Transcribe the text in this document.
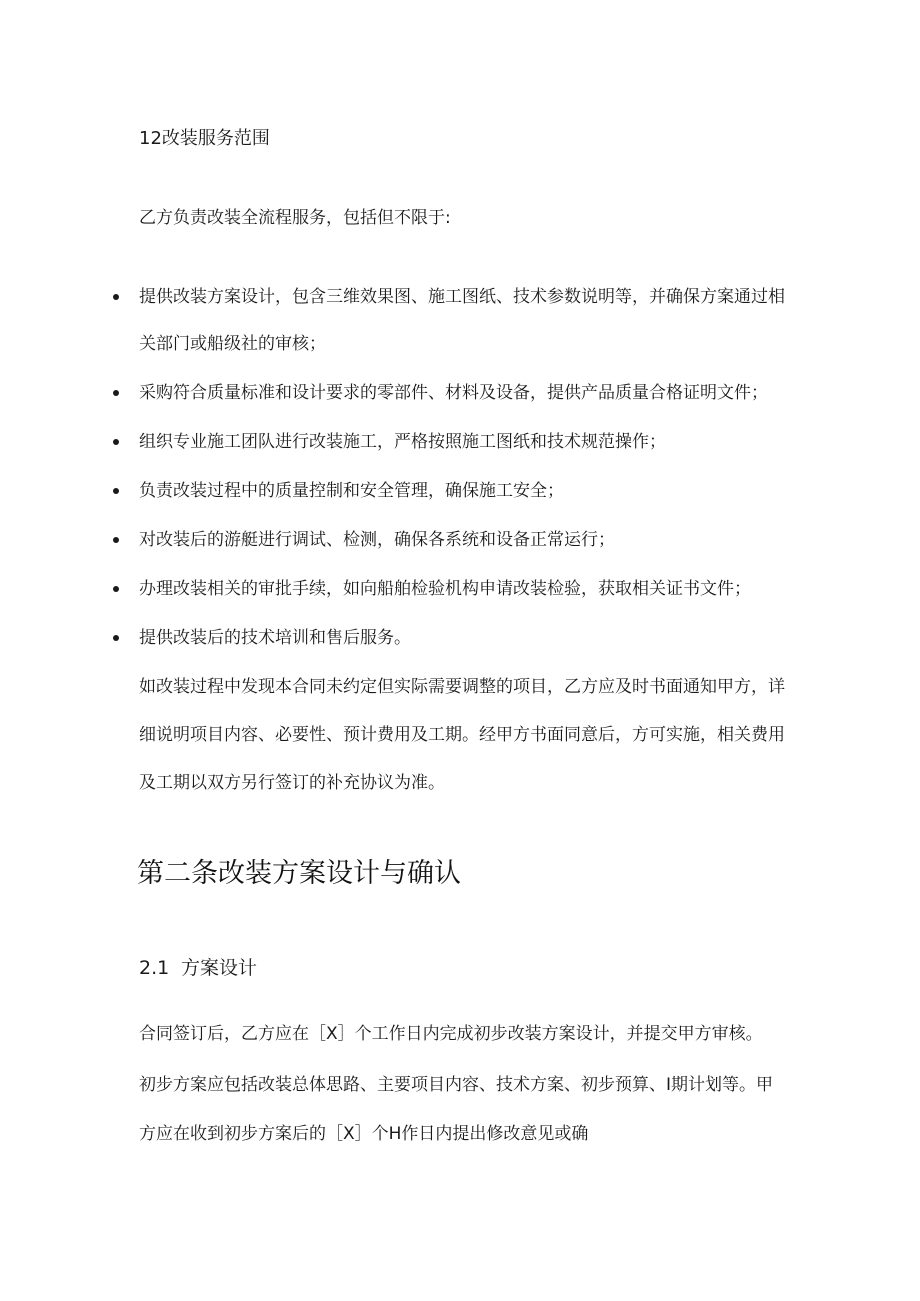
12改装服务范围
乙方负责改装全流程服务，包括但不限于:
提供改装方案设计，包含三维效果图、施工图纸、技术参数说明等，并确保方案通过相
关部门或船级社的审核；
采购符合质量标准和设计要求的零部件、材料及设备，提供产品质量合格证明文件；
组织专业施工团队进行改装施工，严格按照施工图纸和技术规范操作；
负责改装过程中的质量控制和安全管理，确保施工安全；
对改装后的游艇进行调试、检测，确保各系统和设备正常运行；
办理改装相关的审批手续，如向船舶检验机构申请改装检验，获取相关证书文件；
提供改装后的技术培训和售后服务。
如改装过程中发现本合同未约定但实际需要调整的项目，乙方应及时书面通知甲方，详
细说明项目内容、必要性、预计费用及工期。经甲方书面同意后，方可实施，相关费用
及工期以双方另行签订的补充协议为准。
第二条改装方案设计与确认
2.1 方案设计
合同签订后，乙方应在［X］个工作日内完成初步改装方案设计，并提交甲方审核。
初步方案应包括改装总体思路、主要项目内容、技术方案、初步预算、I期计划等。甲
方应在收到初步方案后的［X］个H作日内提出修改意见或确
